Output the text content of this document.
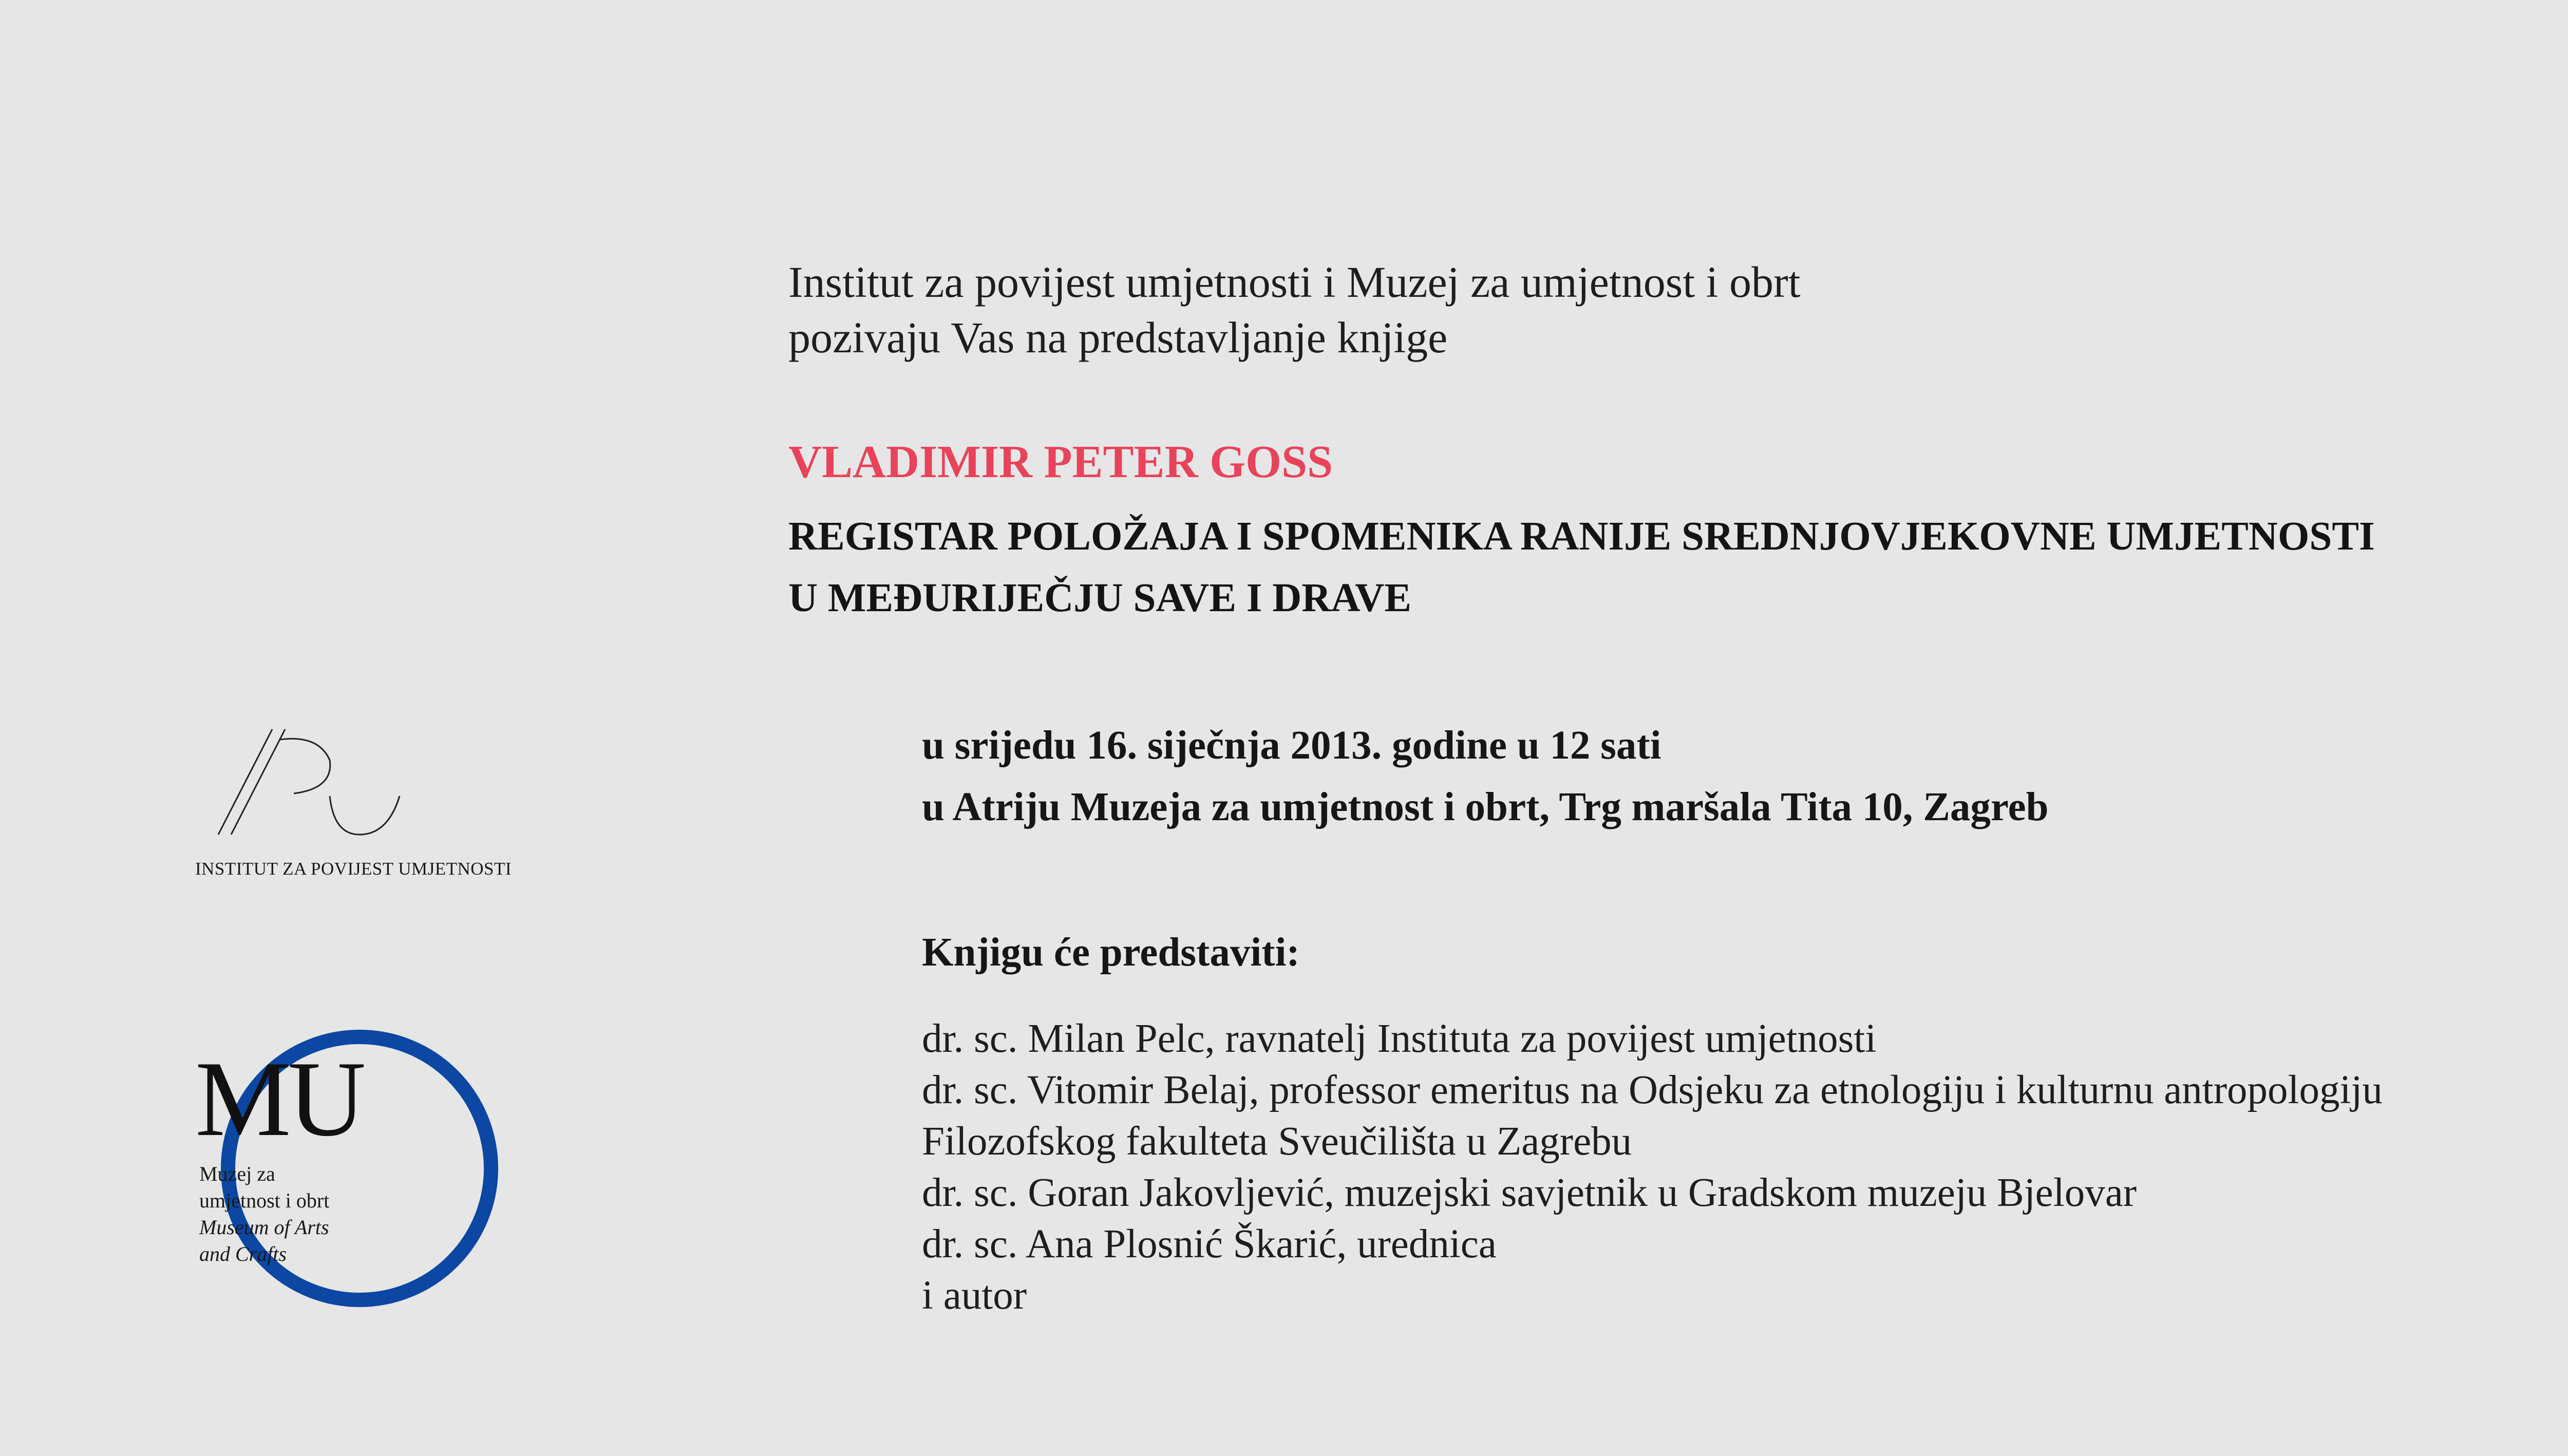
Institut za povijest umjetnosti i Muzej za umjetnost i obrt
pozivaju Vas na predstavljanje knjige
VLADIMIR PETER GOSS
REGISTAR POLOŽAJA I SPOMENIKA RANIJE SREDNJOVJEKOVNE UMJETNOSTI
U MEĐURIJEČJU SAVE I DRAVE
u srijedu 16. siječnja 2013. godine u 12 sati
u Atriju Muzeja za umjetnost i obrt, Trg maršala Tita 10, Zagreb
Knjigu će predstaviti:
dr. sc. Milan Pelc, ravnatelj Instituta za povijest umjetnosti
dr. sc. Vitomir Belaj, professor emeritus na Odsjeku za etnologiju i kulturnu antropologiju
Filozofskog fakulteta Sveučilišta u Zagrebu
dr. sc. Goran Jakovljević, muzejski savjetnik u Gradskom muzeju Bjelovar
dr. sc. Ana Plosnić Škarić, urednica
i autor
INSTITUT ZA POVIJEST UMJETNOSTI
MU
Muzej za
umjetnost i obrt
Museum of Arts
and Crafts
